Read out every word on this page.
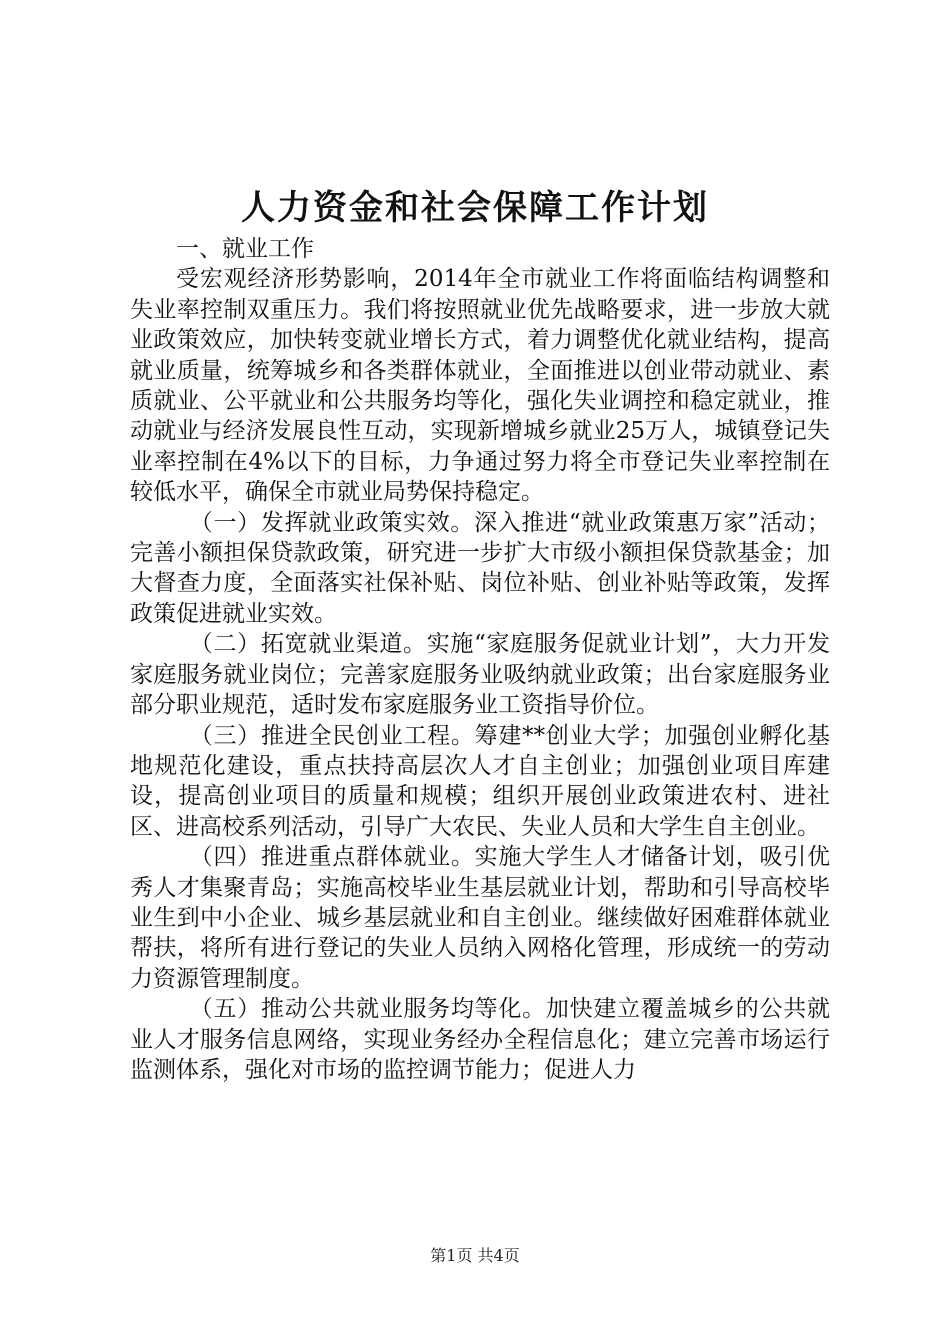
人力资金和社会保障工作计划

一、就业工作

受宏观经济形势影响，2014年全市就业工作将面临结构调整和失业率控制双重压力。我们将按照就业优先战略要求，进一步放大就业政策效应，加快转变就业增长方式，着力调整优化就业结构，提高就业质量，统筹城乡和各类群体就业，全面推进以创业带动就业、素质就业、公平就业和公共服务均等化，强化失业调控和稳定就业，推动就业与经济发展良性互动，实现新增城乡就业25万人，城镇登记失业率控制在4%以下的目标，力争通过努力将全市登记失业率控制在较低水平，确保全市就业局势保持稳定。

（一）发挥就业政策实效。深入推进“就业政策惠万家”活动；完善小额担保贷款政策，研究进一步扩大市级小额担保贷款基金；加大督查力度，全面落实社保补贴、岗位补贴、创业补贴等政策，发挥政策促进就业实效。

（二）拓宽就业渠道。实施“家庭服务促就业计划”，大力开发家庭服务就业岗位；完善家庭服务业吸纳就业政策；出台家庭服务业部分职业规范，适时发布家庭服务业工资指导价位。

（三）推进全民创业工程。筹建**创业大学；加强创业孵化基地规范化建设，重点扶持高层次人才自主创业；加强创业项目库建设，提高创业项目的质量和规模；组织开展创业政策进农村、进社区、进高校系列活动，引导广大农民、失业人员和大学生自主创业。

（四）推进重点群体就业。实施大学生人才储备计划，吸引优秀人才集聚青岛；实施高校毕业生基层就业计划，帮助和引导高校毕业生到中小企业、城乡基层就业和自主创业。继续做好困难群体就业帮扶，将所有进行登记的失业人员纳入网格化管理，形成统一的劳动力资源管理制度。

（五）推动公共就业服务均等化。加快建立覆盖城乡的公共就业人才服务信息网络，实现业务经办全程信息化；建立完善市场运行监测体系，强化对市场的监控调节能力；促进人力

第1页 共4页
